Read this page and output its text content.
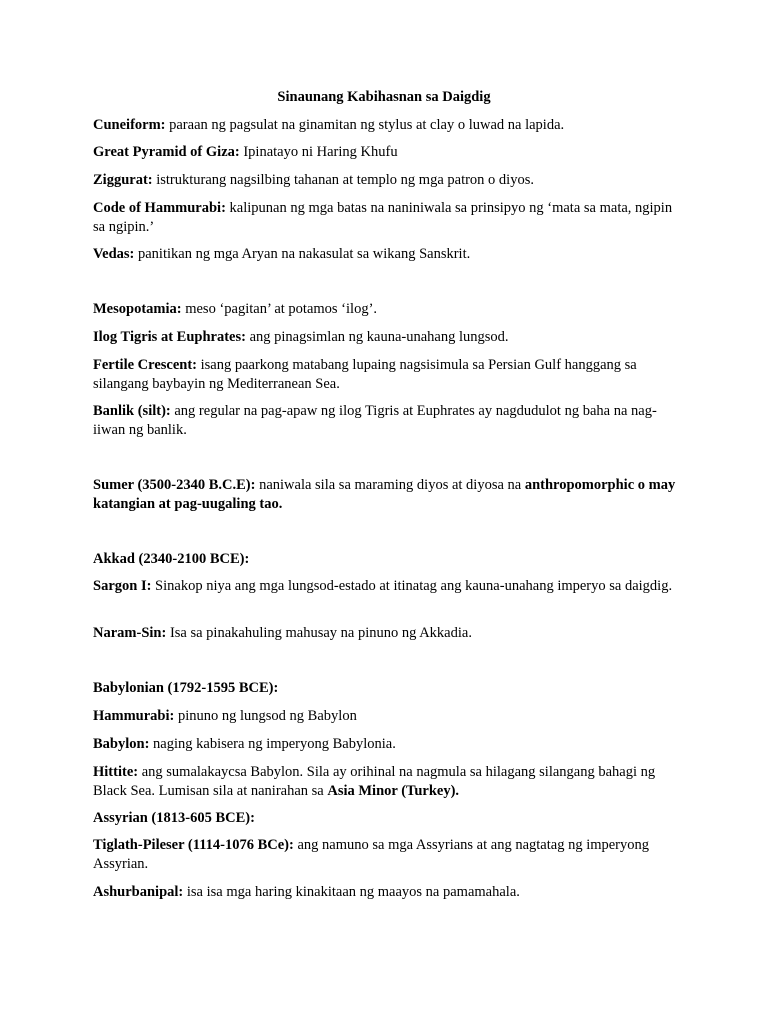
Sinaunang Kabihasnan sa Daigdig

Cuneiform: paraan ng pagsulat na ginamitan ng stylus at clay o luwad na lapida.

Great Pyramid of Giza: Ipinatayo ni Haring Khufu

Ziggurat: istrukturang nagsilbing tahanan at templo ng mga patron o diyos.

Code of Hammurabi: kalipunan ng mga batas na naniniwala sa prinsipyo ng ‘mata sa mata, ngipin sa ngipin.’

Vedas: panitikan ng mga Aryan na nakasulat sa wikang Sanskrit.

Mesopotamia: meso ‘pagitan’ at potamos ‘ilog’.

Ilog Tigris at Euphrates: ang pinagsimlan ng kauna-unahang lungsod.

Fertile Crescent: isang paarkong matabang lupaing nagsisimula sa Persian Gulf hanggang sa silangang baybayin ng Mediterranean Sea.

Banlik (silt): ang regular na pag-apaw ng ilog Tigris at Euphrates ay nagdudulot ng baha na nag-iiwan ng banlik.

Sumer (3500-2340 B.C.E): naniwala sila sa maraming diyos at diyosa na anthropomorphic o may katangian at pag-uugaling tao.

Akkad (2340-2100 BCE):

Sargon I: Sinakop niya ang mga lungsod-estado at itinatag ang kauna-unahang imperyo sa daigdig.

Naram-Sin: Isa sa pinakahuling mahusay na pinuno ng Akkadia.

Babylonian (1792-1595 BCE):

Hammurabi: pinuno ng lungsod ng Babylon

Babylon: naging kabisera ng imperyong Babylonia.

Hittite: ang sumalakaycsa Babylon. Sila ay orihinal na nagmula sa hilagang silangang bahagi ng Black Sea. Lumisan sila at nanirahan sa Asia Minor (Turkey).

Assyrian (1813-605 BCE):

Tiglath-Pileser (1114-1076 BCe): ang namuno sa mga Assyrians at ang nagtatag ng imperyong Assyrian.

Ashurbanipal: isa isa mga haring kinakitaan ng maayos na pamamahala.
